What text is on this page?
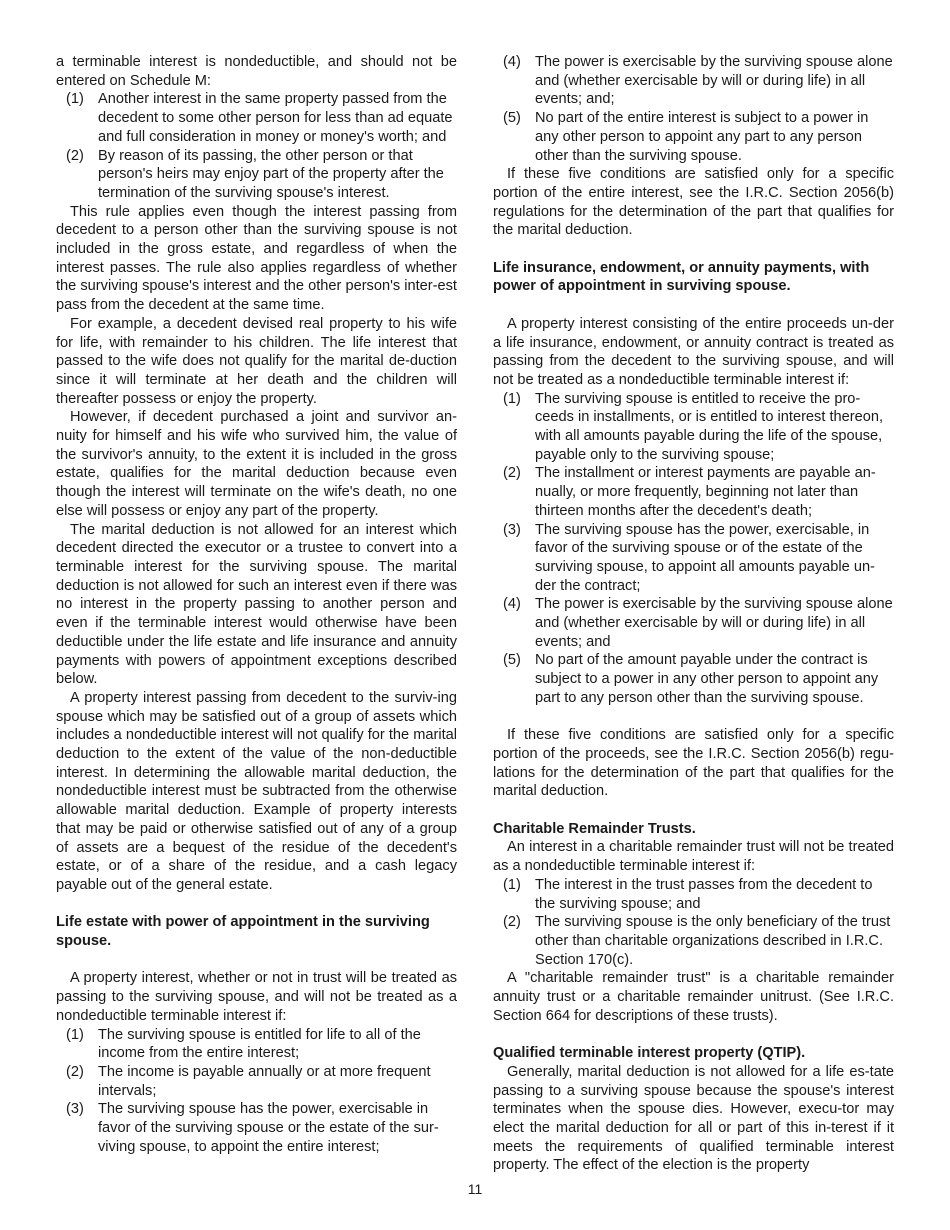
a terminable interest is nondeductible, and should not be entered on Schedule M:

(1) Another interest in the same property passed from the decedent to some other person for less than ad equate and full consideration in money or money's worth; and
(2) By reason of its passing, the other person or that person's heirs may enjoy part of the property after the termination of the surviving spouse's interest.

This rule applies even though the interest passing from decedent to a person other than the surviving spouse is not included in the gross estate, and regardless of when the interest passes. The rule also applies regardless of whether the surviving spouse's interest and the other person's inter-est pass from the decedent at the same time.

For example, a decedent devised real property to his wife for life, with remainder to his children. The life interest that passed to the wife does not qualify for the marital de-duction since it will terminate at her death and the children will thereafter possess or enjoy the property.

However, if decedent purchased a joint and survivor an-nuity for himself and his wife who survived him, the value of the survivor's annuity, to the extent it is included in the gross estate, qualifies for the marital deduction because even though the interest will terminate on the wife's death, no one else will possess or enjoy any part of the property.

The marital deduction is not allowed for an interest which decedent directed the executor or a trustee to convert into a terminable interest for the surviving spouse. The marital deduction is not allowed for such an interest even if there was no interest in the property passing to another person and even if the terminable interest would otherwise have been deductible under the life estate and life insurance and annuity payments with powers of appointment exceptions described below.

A property interest passing from decedent to the surviv-ing spouse which may be satisfied out of a group of assets which includes a nondeductible interest will not qualify for the marital deduction to the extent of the value of the non-deductible interest. In determining the allowable marital deduction, the nondeductible interest must be subtracted from the otherwise allowable marital deduction. Example of property interests that may be paid or otherwise satisfied out of any of a group of assets are a bequest of the residue of the decedent's estate, or of a share of the residue, and a cash legacy payable out of the general estate.

Life estate with power of appointment in the surviving spouse.

A property interest, whether or not in trust will be treated as passing to the surviving spouse, and will not be treated as a nondeductible terminable interest if:

(1) The surviving spouse is entitled for life to all of the income from the entire interest;
(2) The income is payable annually or at more frequent intervals;
(3) The surviving spouse has the power, exercisable in favor of the surviving spouse or the estate of the sur-viving spouse, to appoint the entire interest;
(4) The power is exercisable by the surviving spouse alone and (whether exercisable by will or during life) in all events; and;
(5) No part of the entire interest is subject to a power in any other person to appoint any part to any person other than the surviving spouse.

If these five conditions are satisfied only for a specific portion of the entire interest, see the I.R.C. Section 2056(b) regulations for the determination of the part that qualifies for the marital deduction.

Life insurance, endowment, or annuity payments, with power of appointment in surviving spouse.

A property interest consisting of the entire proceeds un-der a life insurance, endowment, or annuity contract is treated as passing from the decedent to the surviving spouse, and will not be treated as a nondeductible terminable interest if:

(1) The surviving spouse is entitled to receive the pro-ceeds in installments, or is entitled to interest thereon, with all amounts payable during the life of the spouse, payable only to the surviving spouse;
(2) The installment or interest payments are payable an-nually, or more frequently, beginning not later than thirteen months after the decedent's death;
(3) The surviving spouse has the power, exercisable, in favor of the surviving spouse or of the estate of the surviving spouse, to appoint all amounts payable un-der the contract;
(4) The power is exercisable by the surviving spouse alone and (whether exercisable by will or during life) in all events; and
(5) No part of the amount payable under the contract is subject to a power in any other person to appoint any part to any person other than the surviving spouse.

If these five conditions are satisfied only for a specific portion of the proceeds, see the I.R.C. Section 2056(b) regu-lations for the determination of the part that qualifies for the marital deduction.

Charitable Remainder Trusts.

An interest in a charitable remainder trust will not be treated as a nondeductible terminable interest if:

(1) The interest in the trust passes from the decedent to the surviving spouse; and
(2) The surviving spouse is the only beneficiary of the trust other than charitable organizations described in I.R.C. Section 170(c).

A "charitable remainder trust" is a charitable remainder annuity trust or a charitable remainder unitrust. (See I.R.C. Section 664 for descriptions of these trusts).

Qualified terminable interest property (QTIP).

Generally, marital deduction is not allowed for a life es-tate passing to a surviving spouse because the spouse's interest terminates when the spouse dies. However, execu-tor may elect the marital deduction for all or part of this in-terest if it meets the requirements of qualified terminable interest property. The effect of the election is the property

11
